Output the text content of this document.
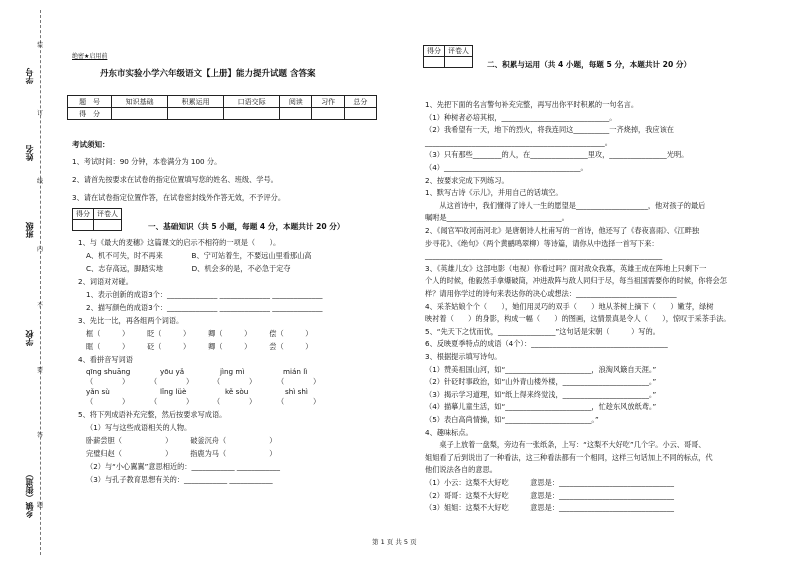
学号
姓名
班级
学校
乡镇（街道）
装
订
线
内
不
要
答
题
绝密★启用前
丹东市实验小学六年级语文【上册】能力提升试题 含答案
题　号	知识基础	积累运用	口语交际	阅读	习作	总分
得　分						
考试须知：
1、考试时间：90 分钟，本卷满分为 100 分。
2、请首先按要求在试卷的指定位置填写您的姓名、班级、学号。
3、请在试卷指定位置作答，在试卷密封线外作答无效，不予评分。
得分	评卷人

一、基础知识（共 5 小题，每题 4 分，本题共计 20 分）
1、与《最大的麦穗》这篇课文的启示不相符的一项是（　　）。
A、机不可失，时不再来　　　　B、宁可站着生，不要远山里看那山高
C、志存高远，脚踏实地　　　　D、机会多的是，不必急于定夺
2、词语对对碰。
1、表示创新的成语3个：______________ ______________ ______________
2、描写颜色的成语3个：______________ ______________ ______________
3、先比一比，再各组两个词语。
框（　　　）　　　眨（　　　）　　　卿（　　　）　　　偿（　　　）
眶（　　　）　　　砭（　　　）　　　卿（　　　）　　　尝（　　　）
4、看拼音写词语
qīng shuāng	yōu yǎ	jìng mì	mián lì
（　　　　）	（　　　　）	（　　　　）	（　　　　）
yǎn sù	lǐng lüè	kě sòu	shì shì
（　　　　）	（　　　　）	（　　　　）	（　　　　）
5、将下列成语补充完整，然后按要求写成语。
（1）写与这些成语相关的人物。
卧薪尝胆（　　　　　　）　　　破釜沉舟（　　　　　　）
完璧归赵（　　　　　　）　　　指鹿为马（　　　　　　）
（2）与“小心翼翼”意思相近的：____________ ____________
（3）与孔子教育思想有关的：____________ ____________
得分	评卷人

二、积累与运用（共 4 小题，每题 5 分，本题共计 20 分）
1、先把下面的名言警句补充完整，再写出你平时积累的一句名言。
（1）种树者必培其根，______________________________。
（2）我希望有一天，地下的烈火，将我连同这__________一齐烧掉，我应该在
__________________________________________________。
（3）只有那些________的人，在________________里攻，________________光明。
（4）______________________________________。
2、按要求完成下列练习。
1、默写古诗《示儿》，并用自己的话填空。
　　从这首诗中，我们懂得了诗人一生的愿望是____________________，他对孩子的最后
嘱咐是________________________________。
2、《闻官军收河南河北》是唐朝诗人杜甫写的一首诗，他还写了《春夜喜雨》、《江畔独
步寻花》、《绝句》（两个黄鹂鸣翠柳）等诗篇，请你从中选择一首写下来：
__________________________________________________________________
3、《英雄儿女》这部电影（电视）你看过吗？面对敌众我寡，英雄王成在阵地上只剩下一
个人的时候，他毅然手拿爆破筒，冲进敌阵与敌人同归于尽，每当祖国需要你的时候，你将会怎
样？请用你学过的诗句来表达你的决心或想法：____________________________
4、采茶姑娘个个（　　），她们用灵巧的双手（　　）地从茶树上摘下（　　）嫩芽，绿树
映衬着（　　）的身影，构成一幅（　　）的图画，这情景真是令人（　　），惊叹于采茶手法。
5、“先天下之忧而忧，________________”这句话是宋朝（　　　）写的。
6、反映夏季特点的成语（4个）：______________________________________
3、根据提示填写诗句。
（1）赞美祖国山河，如“________________________，浪淘风簸自天涯。”
（2）针砭时事政治，如“山外青山楼外楼，________________________。”
（3）揭示学习道理，如“纸上得来终觉浅，________________________。”
（4）描摹儿童生活，如“________________________，忙趁东风放纸鸢。”
（5）表白高尚情操，如“________________________。”
4、趣味标点。
　　桌子上放着一盘梨，旁边有一张纸条，上写：“这梨不大好吃”几个字。小云、哥哥、
姐姐看了后到说出了一种看法，这三种看法都有一个相同，这样三句话加上不同的标点，代
他们说法各自的意思。
（1）小云：这梨不大好吃　　　意思是：________________________________
（2）哥哥：这梨不大好吃　　　意思是：________________________________
（3）姐姐：这梨不大好吃　　　意思是：________________________________
第 1 页 共 5 页
